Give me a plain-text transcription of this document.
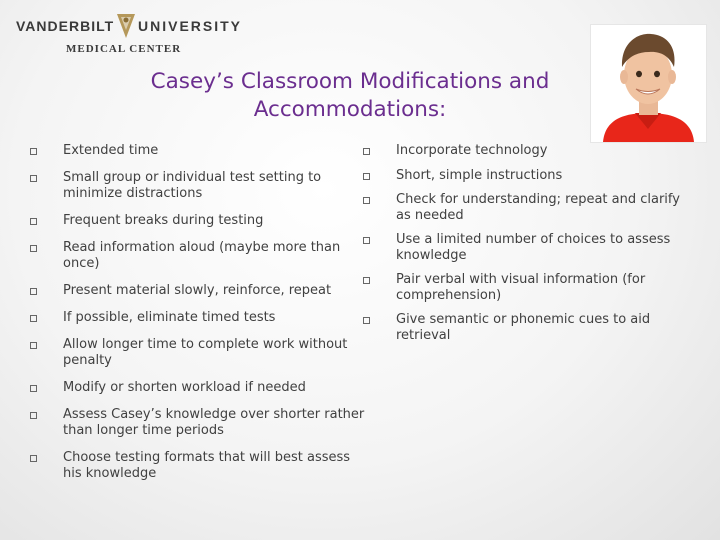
VANDERBILT UNIVERSITY
MEDICAL CENTER
Casey’s Classroom Modifications and
Accommodations:
Extended time
Small group or individual test setting to minimize distractions
Frequent breaks during testing
Read information aloud (maybe more than once)
Present material slowly, reinforce, repeat
If possible, eliminate timed tests
Allow longer time to complete work without penalty
Modify or shorten workload if needed
Assess Casey’s knowledge over shorter rather than longer time periods
Choose testing formats that will best assess his knowledge
Incorporate technology
Short, simple instructions
Check for understanding; repeat and clarify as needed
Use a limited number of choices to assess knowledge
Pair verbal with visual information (for comprehension)
Give semantic or phonemic cues to aid retrieval
